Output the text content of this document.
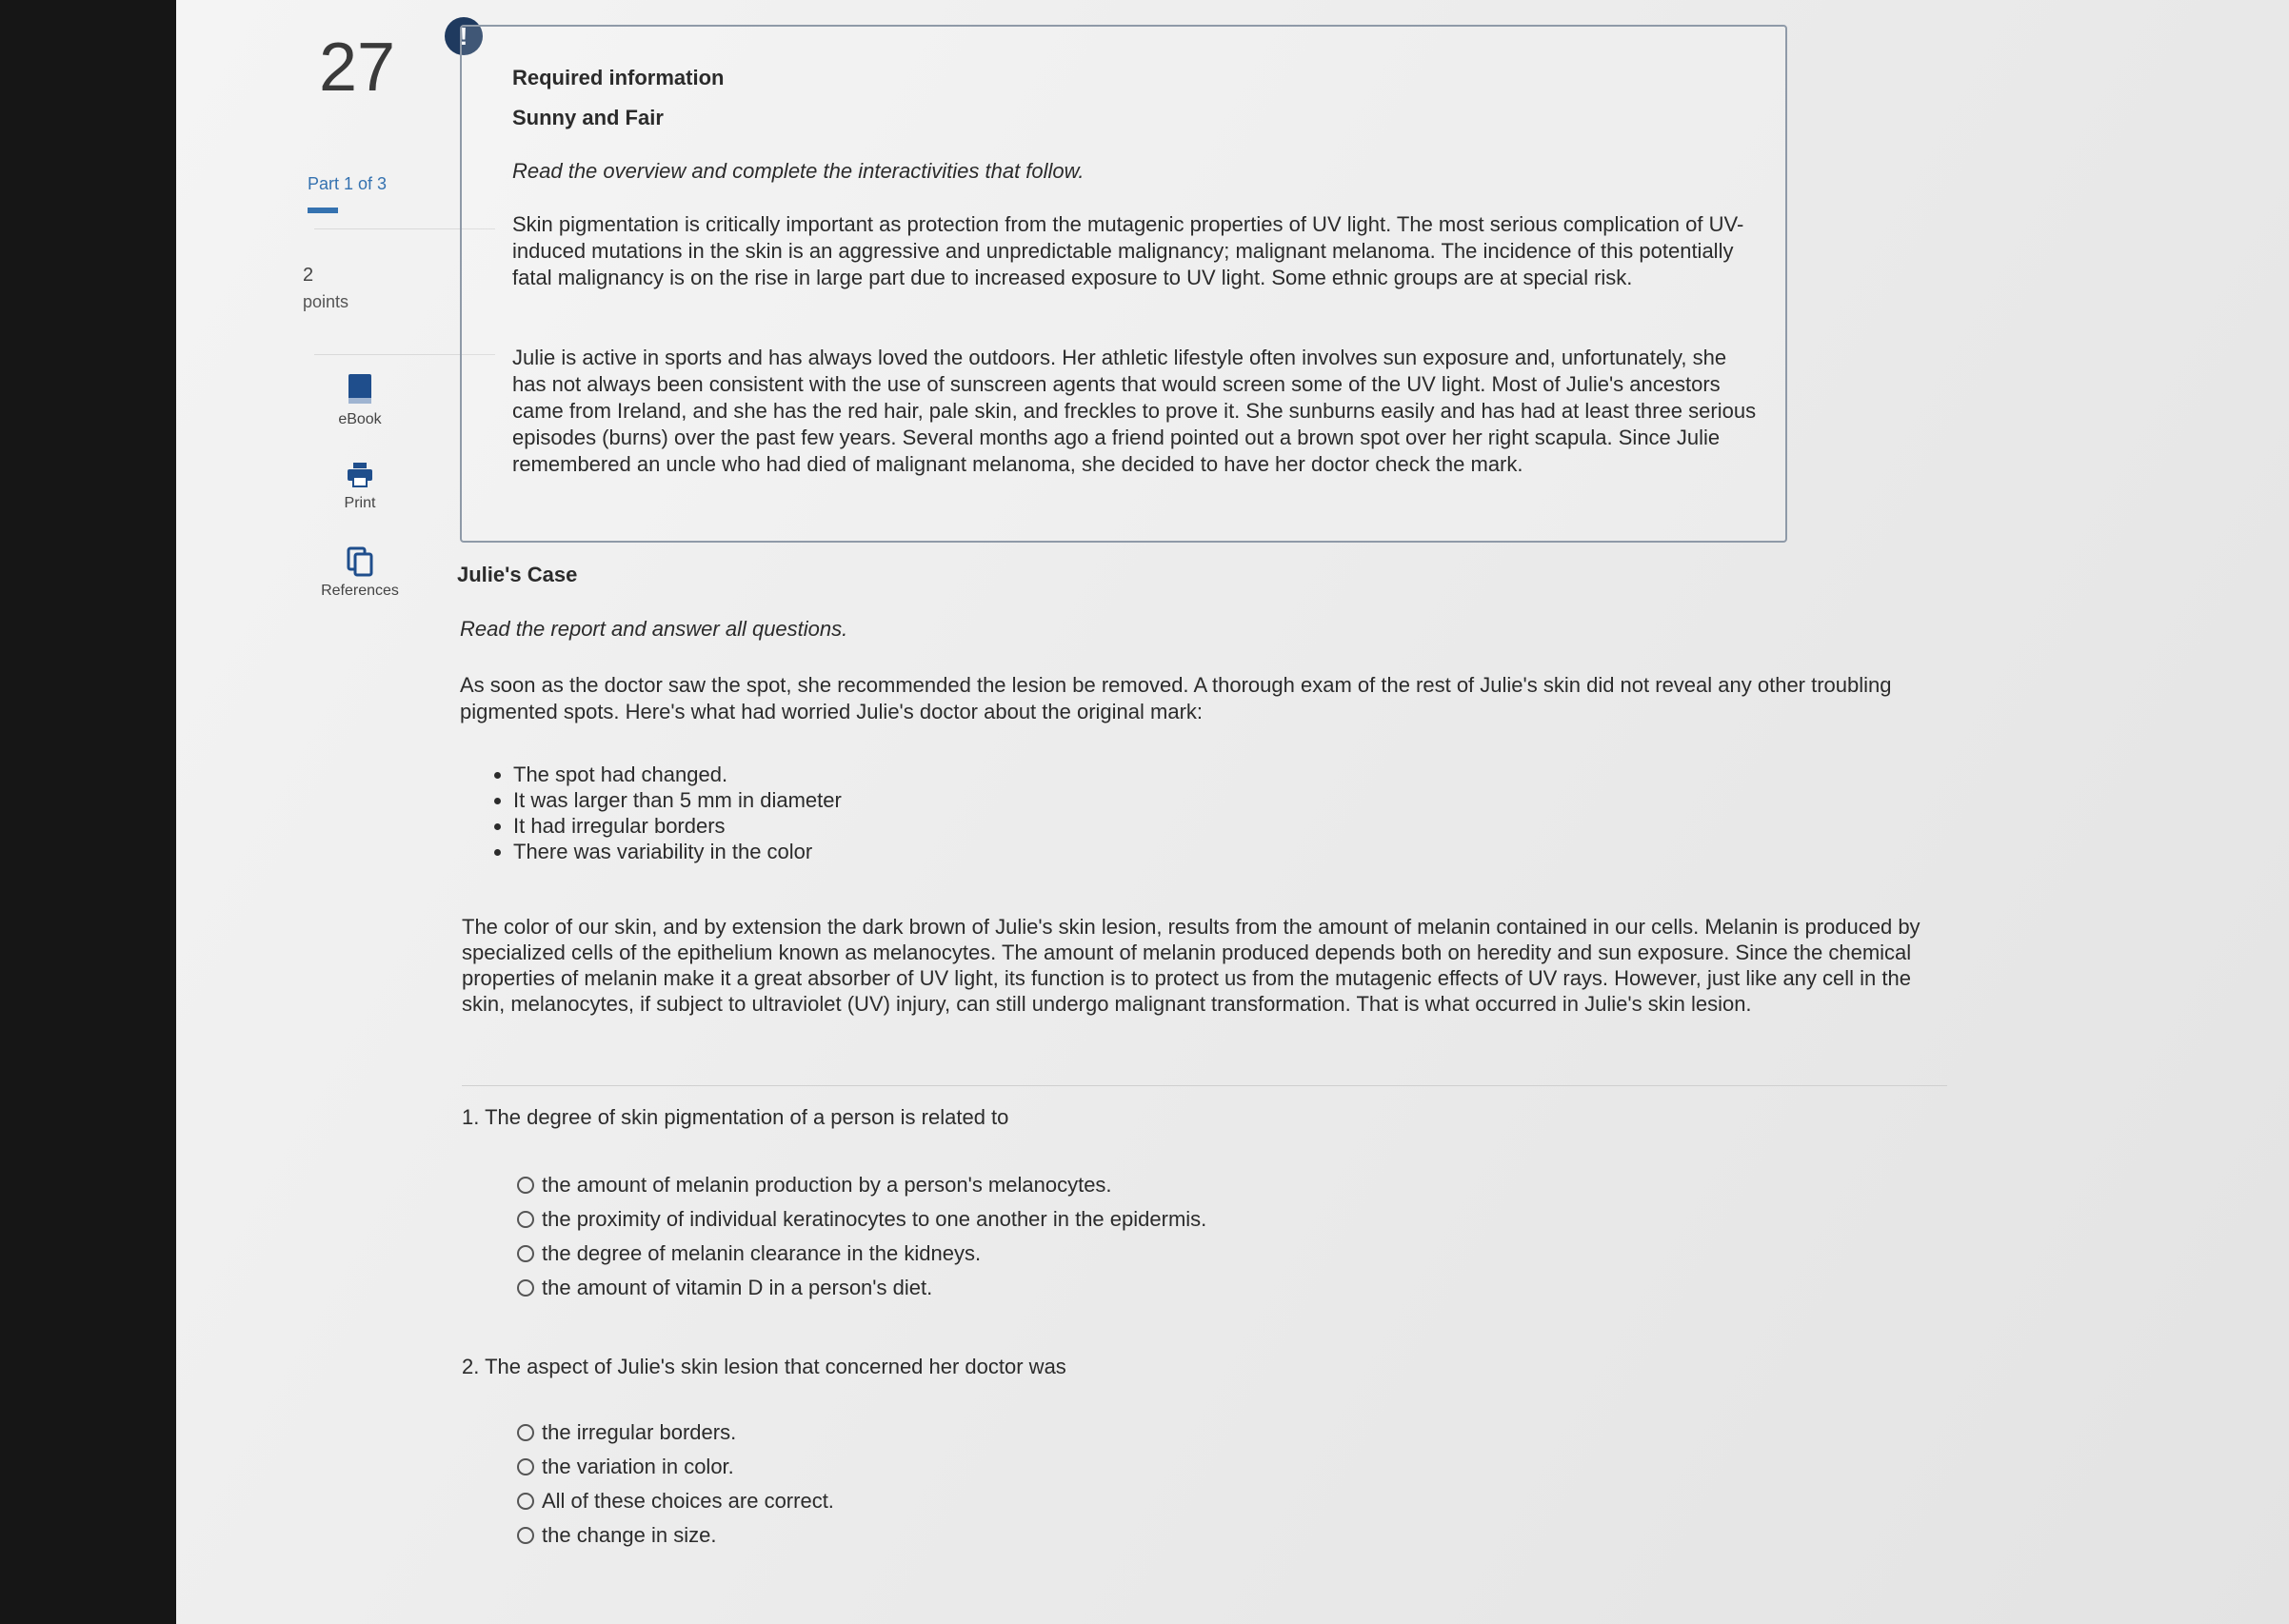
27
Part 1 of 3
2
points
eBook
Print
References
!
Required information
Sunny and Fair
Read the overview and complete the interactivities that follow.

Skin pigmentation is critically important as protection from the mutagenic properties of UV light. The most serious complication of UV-induced mutations in the skin is an aggressive and unpredictable malignancy; malignant melanoma. The incidence of this potentially fatal malignancy is on the rise in large part due to increased exposure to UV light. Some ethnic groups are at special risk.

Julie is active in sports and has always loved the outdoors. Her athletic lifestyle often involves sun exposure and, unfortunately, she has not always been consistent with the use of sunscreen agents that would screen some of the UV light. Most of Julie's ancestors came from Ireland, and she has the red hair, pale skin, and freckles to prove it. She sunburns easily and has had at least three serious episodes (burns) over the past few years. Several months ago a friend pointed out a brown spot over her right scapula. Since Julie remembered an uncle who had died of malignant melanoma, she decided to have her doctor check the mark.

Julie's Case
Read the report and answer all questions.

As soon as the doctor saw the spot, she recommended the lesion be removed. A thorough exam of the rest of Julie's skin did not reveal any other troubling pigmented spots. Here's what had worried Julie's doctor about the original mark:

• The spot had changed.
• It was larger than 5 mm in diameter
• It had irregular borders
• There was variability in the color

The color of our skin, and by extension the dark brown of Julie's skin lesion, results from the amount of melanin contained in our cells. Melanin is produced by specialized cells of the epithelium known as melanocytes. The amount of melanin produced depends both on heredity and sun exposure. Since the chemical properties of melanin make it a great absorber of UV light, its function is to protect us from the mutagenic effects of UV rays. However, just like any cell in the skin, melanocytes, if subject to ultraviolet (UV) injury, can still undergo malignant transformation. That is what occurred in Julie's skin lesion.

1. The degree of skin pigmentation of a person is related to
the amount of melanin production by a person's melanocytes.
the proximity of individual keratinocytes to one another in the epidermis.
the degree of melanin clearance in the kidneys.
the amount of vitamin D in a person's diet.
2. The aspect of Julie's skin lesion that concerned her doctor was
the irregular borders.
the variation in color.
All of these choices are correct.
the change in size.
